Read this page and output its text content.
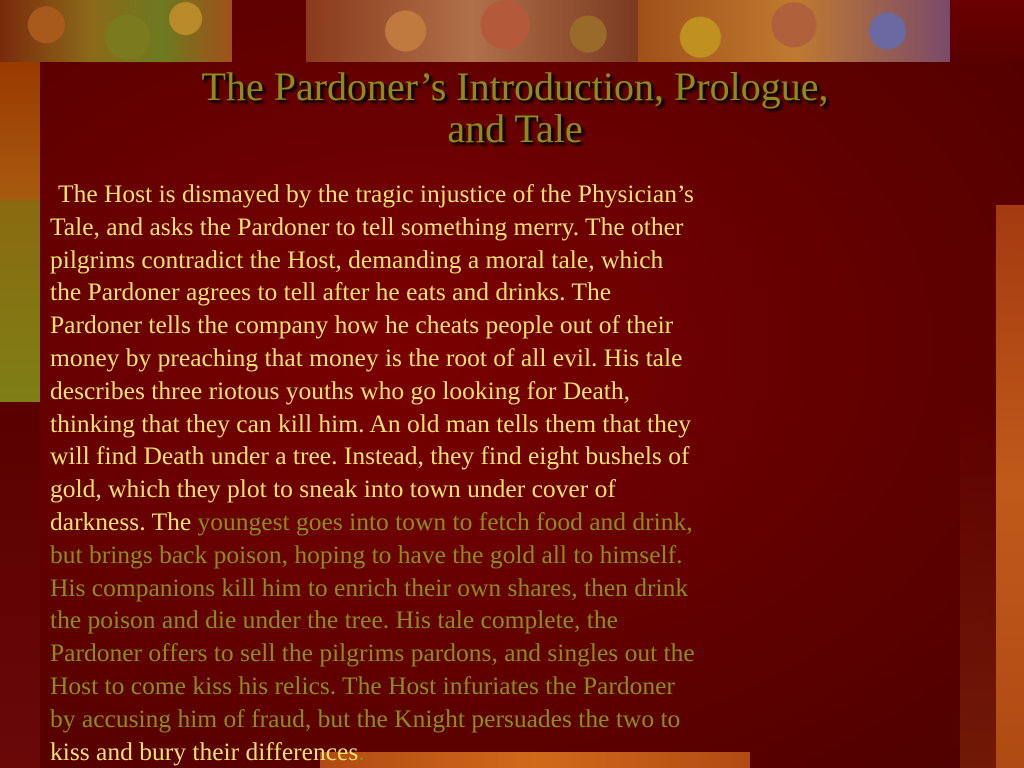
The Pardoner’s Introduction, Prologue,
and Tale
The Host is dismayed by the tragic injustice of the Physician’s
Tale, and asks the Pardoner to tell something merry. The other
pilgrims contradict the Host, demanding a moral tale, which
the Pardoner agrees to tell after he eats and drinks. The
Pardoner tells the company how he cheats people out of their
money by preaching that money is the root of all evil. His tale
describes three riotous youths who go looking for Death,
thinking that they can kill him. An old man tells them that they
will find Death under a tree. Instead, they find eight bushels of
gold, which they plot to sneak into town under cover of
darkness. The youngest goes into town to fetch food and drink,
but brings back poison, hoping to have the gold all to himself.
His companions kill him to enrich their own shares, then drink
the poison and die under the tree. His tale complete, the
Pardoner offers to sell the pilgrims pardons, and singles out the
Host to come kiss his relics. The Host infuriates the Pardoner
by accusing him of fraud, but the Knight persuades the two to
kiss and bury their differences.
